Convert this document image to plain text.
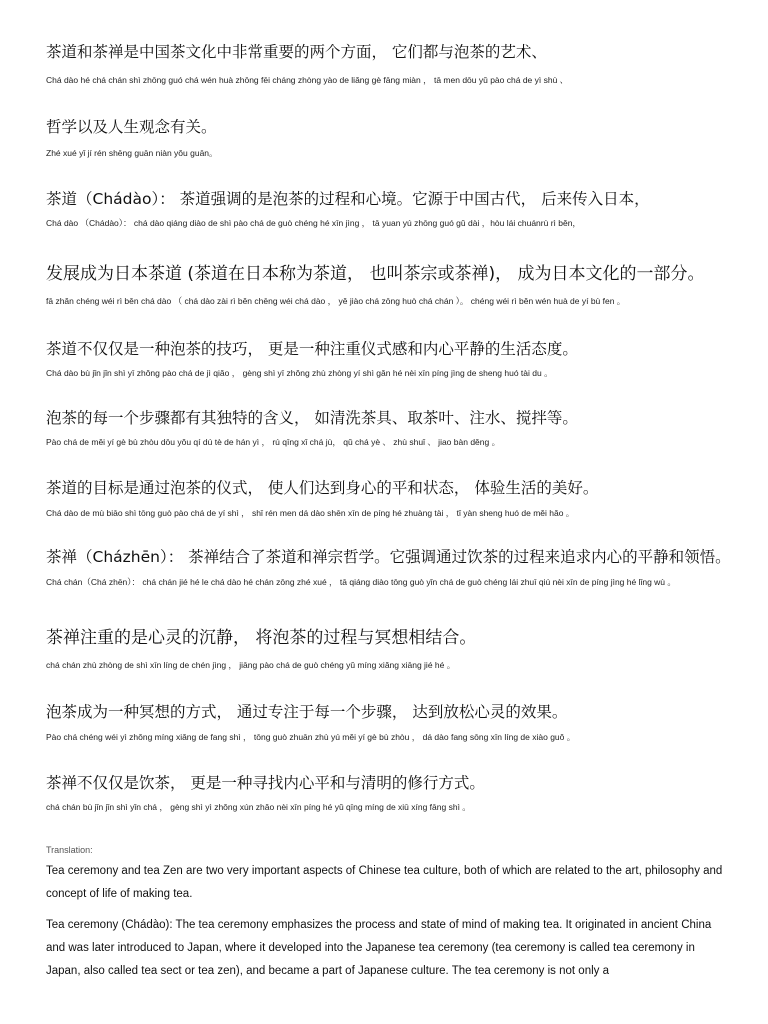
茶道和茶禅是中国茶文化中非常重要的两个方面， 它们都与泡茶的艺术、

Chá dào hé chá chán shì zhōng guó chá wén huà zhōng fēi cháng zhòng yào de liǎng gè fāng miàn ， tā men dōu yǔ pào chá de yì shù 、

哲学以及人生观念有关。

Zhé xué yǐ jí rén shēng guān niàn yǒu guān。

茶道（Chádào）： 茶道强调的是泡茶的过程和心境。它源于中国古代， 后来传入日本，

Chá dào （Chádào）： chá dào qiáng diào de shì pào chá de guò chéng hé xīn jìng ， tā yuan yú zhōng guó gǔ dài ，hòu lái chuánrù rì běn，

发展成为日本茶道 (茶道在日本称为茶道， 也叫茶宗或茶禅)， 成为日本文化的一部分。

fā zhǎn chéng wéi rì běn chá dào （ chá dào zài rì běn chēng wéi chá dào ， yě jiào chá zōng huò chá chán ）。 chéng wéi rì běn wén huà de yí bù fen 。

茶道不仅仅是一种泡茶的技巧， 更是一种注重仪式感和内心平静的生活态度。

Chá dào bù jǐn jǐn shì yī zhǒng pào chá de jì qiǎo ， gèng shì yī zhǒng zhù zhòng yí shì gǎn hé nèi xīn píng jìng de sheng huó tài du 。

泡茶的每一个步骤都有其独特的含义， 如清洗茶具、取茶叶、注水、搅拌等。

Pào chá de měi yí gè bù zhòu dōu yǒu qí dú tè de hán yì ， rú qīng xǐ chá jù， qǔ chá yè 、 zhù shuǐ 、 jiao bàn děng 。

茶道的目标是通过泡茶的仪式， 使人们达到身心的平和状态， 体验生活的美好。

Chá dào de mù biāo shì tōng guò pào chá de yí shì ， shǐ rén men dá dào shēn xīn de píng hé zhuàng tài ， tǐ yàn sheng huó de měi hǎo 。

茶禅（Cházhēn）： 茶禅结合了茶道和禅宗哲学。它强调通过饮茶的过程来追求内心的平静和领悟。

Chá chán（Chá zhēn）： chá chán jié hé le chá dào hé chán zōng zhé xué ， tā qiáng diào tōng guò yǐn chá de guò chéng lái zhuī qiú nèi xīn de píng jìng hé lǐng wù 。

茶禅注重的是心灵的沉静， 将泡茶的过程与冥想相结合。

chá chán zhù zhòng de shì xīn líng de chén jìng ， jiāng pào chá de guò chéng yǔ míng xiǎng xiāng jié hé 。

泡茶成为一种冥想的方式， 通过专注于每一个步骤， 达到放松心灵的效果。

Pào chá chéng wéi yì zhǒng míng xiǎng de fang shì ， tōng guò zhuān zhù yú měi yí gè bù zhòu ， dá dào fang sōng xīn líng de xiào guǒ 。

茶禅不仅仅是饮茶， 更是一种寻找内心平和与清明的修行方式。

chá chán bù jǐn jǐn shì yǐn chá ， gèng shì yì zhǒng xún zhǎo nèi xīn píng hé yǔ qīng míng de xiū xíng fāng shì 。

Translation:

Tea ceremony and tea Zen are two very important aspects of Chinese tea culture, both of which are related to the art, philosophy and concept of life of making tea.

Tea ceremony (Chádào): The tea ceremony emphasizes the process and state of mind of making tea. It originated in ancient China and was later introduced to Japan, where it developed into the Japanese tea ceremony (tea ceremony is called tea ceremony in Japan, also called tea sect or tea zen), and became a part of Japanese culture. The tea ceremony is not only a
